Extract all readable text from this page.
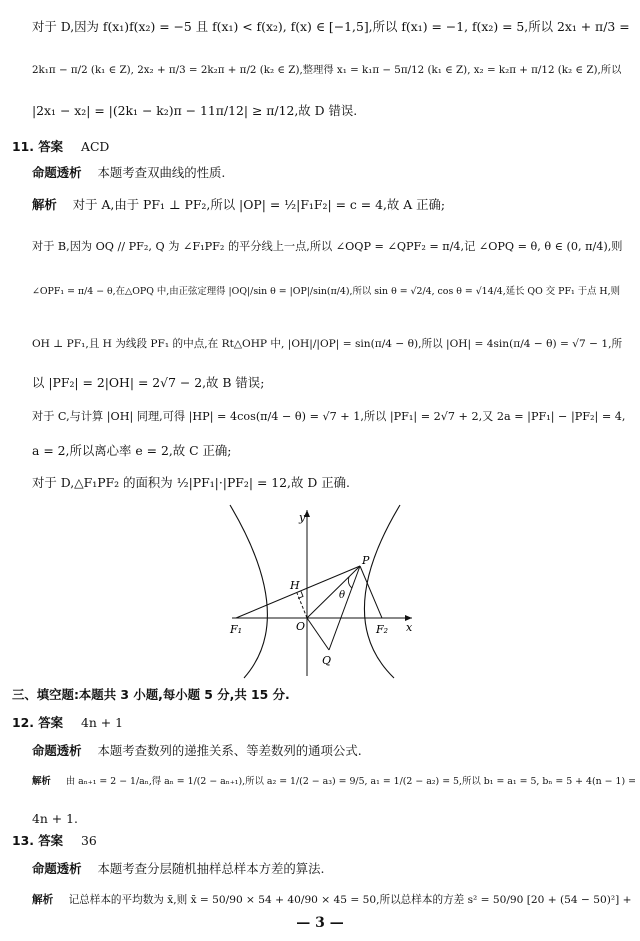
对于 D,因为 f(x₁)f(x₂) = −5 且 f(x₁) < f(x₂), f(x) ∈ [−1,5],所以 f(x₁) = −1, f(x₂) = 5,所以 2x₁ + π/3 =
2k₁π − π/2 (k₁ ∈ Z), 2x₂ + π/3 = 2k₂π + π/2 (k₂ ∈ Z),整理得 x₁ = k₁π − 5π/12 (k₁ ∈ Z), x₂ = k₂π + π/12 (k₂ ∈ Z),所以
|2x₁ − x₂| = |(2k₁ − k₂)π − 11π/12| ≥ π/12,故 D 错误.
11. 答案 ACD
命题透析 本题考查双曲线的性质.
解析 对于 A,由于 PF₁ ⊥ PF₂,所以 |OP| = ½|F₁F₂| = c = 4,故 A 正确;
对于 B,因为 OQ // PF₂, Q 为 ∠F₁PF₂ 的平分线上一点,所以 ∠OQP = ∠QPF₂ = π/4,记 ∠OPQ = θ, θ ∈ (0, π/4),则
∠OPF₁ = π/4 − θ,在△OPQ 中,由正弦定理得 |OQ|/sin θ = |OP|/sin(π/4),所以 sin θ = √2/4, cos θ = √14/4,延长 QO 交 PF₁ 于点 H,则
OH ⊥ PF₁,且 H 为线段 PF₁ 的中点,在 Rt△OHP 中, |OH|/|OP| = sin(π/4 − θ),所以 |OH| = 4sin(π/4 − θ) = √7 − 1,所
以 |PF₂| = 2|OH| = 2√7 − 2,故 B 错误;
对于 C,与计算 |OH| 同理,可得 |HP| = 4cos(π/4 − θ) = √7 + 1,所以 |PF₁| = 2√7 + 2,又 2a = |PF₁| − |PF₂| = 4,
a = 2,所以离心率 e = 2,故 C 正确;
对于 D,△F₁PF₂ 的面积为 ½|PF₁|·|PF₂| = 12,故 D 正确.
三、填空题:本题共 3 小题,每小题 5 分,共 15 分.
12. 答案 4n + 1
命题透析 本题考查数列的递推关系、等差数列的通项公式.
解析 由 aₙ₊₁ = 2 − 1/aₙ,得 aₙ = 1/(2 − aₙ₊₁),所以 a₂ = 1/(2 − a₃) = 9/5, a₁ = 1/(2 − a₂) = 5,所以 b₁ = a₁ = 5, bₙ = 5 + 4(n − 1) =
4n + 1.
13. 答案 36
命题透析 本题考查分层随机抽样总样本方差的算法.
解析 记总样本的平均数为 x̄,则 x̄ = 50/90 × 54 + 40/90 × 45 = 50,所以总样本的方差 s² = 50/90 [20 + (54 − 50)²] +
y
x
P
H
θ
O
F₁	F₂
Q
— 3 —
